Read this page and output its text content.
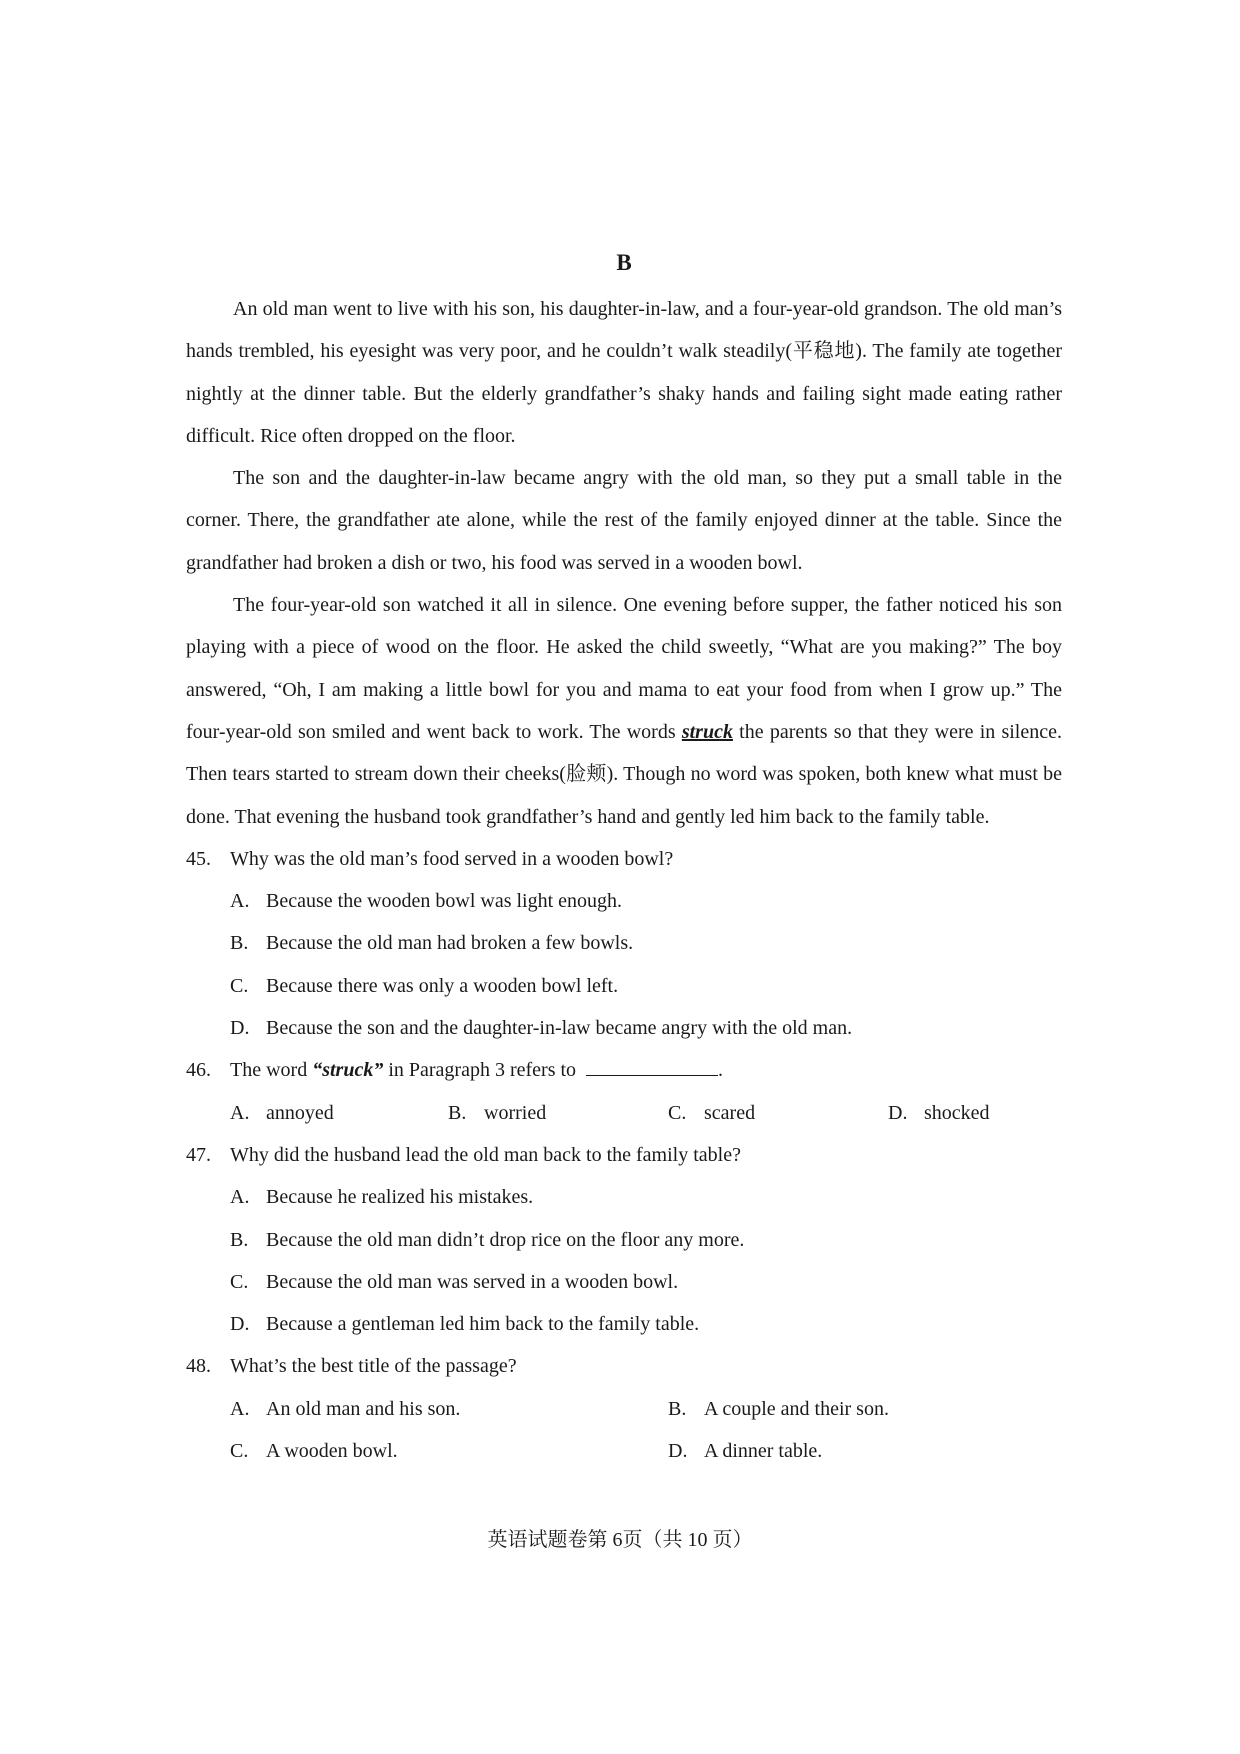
B

An old man went to live with his son, his daughter-in-law, and a four-year-old grandson. The old man’s hands trembled, his eyesight was very poor, and he couldn’t walk steadily(平稳地). The family ate together nightly at the dinner table. But the elderly grandfather’s shaky hands and failing sight made eating rather difficult. Rice often dropped on the floor.

The son and the daughter-in-law became angry with the old man, so they put a small table in the corner. There, the grandfather ate alone, while the rest of the family enjoyed dinner at the table. Since the grandfather had broken a dish or two, his food was served in a wooden bowl.

The four-year-old son watched it all in silence. One evening before supper, the father noticed his son playing with a piece of wood on the floor. He asked the child sweetly, “What are you making?” The boy answered, “Oh, I am making a little bowl for you and mama to eat your food from when I grow up.” The four-year-old son smiled and went back to work. The words struck the parents so that they were in silence. Then tears started to stream down their cheeks(脸颊). Though no word was spoken, both knew what must be done. That evening the husband took grandfather’s hand and gently led him back to the family table.

45. Why was the old man’s food served in a wooden bowl?
A. Because the wooden bowl was light enough.
B. Because the old man had broken a few bowls.
C. Because there was only a wooden bowl left.
D. Because the son and the daughter-in-law became angry with the old man.
46. The word “struck” in Paragraph 3 refers to	.
A. annoyed	B. worried	C. scared	D. shocked
47. Why did the husband lead the old man back to the family table?
A. Because he realized his mistakes.
B. Because the old man didn’t drop rice on the floor any more.
C. Because the old man was served in a wooden bowl.
D. Because a gentleman led him back to the family table.
48. What’s the best title of the passage?
A. An old man and his son.	B. A couple and their son.
C. A wooden bowl.	D. A dinner table.
英语试题卷第 6页（共 10 页）
